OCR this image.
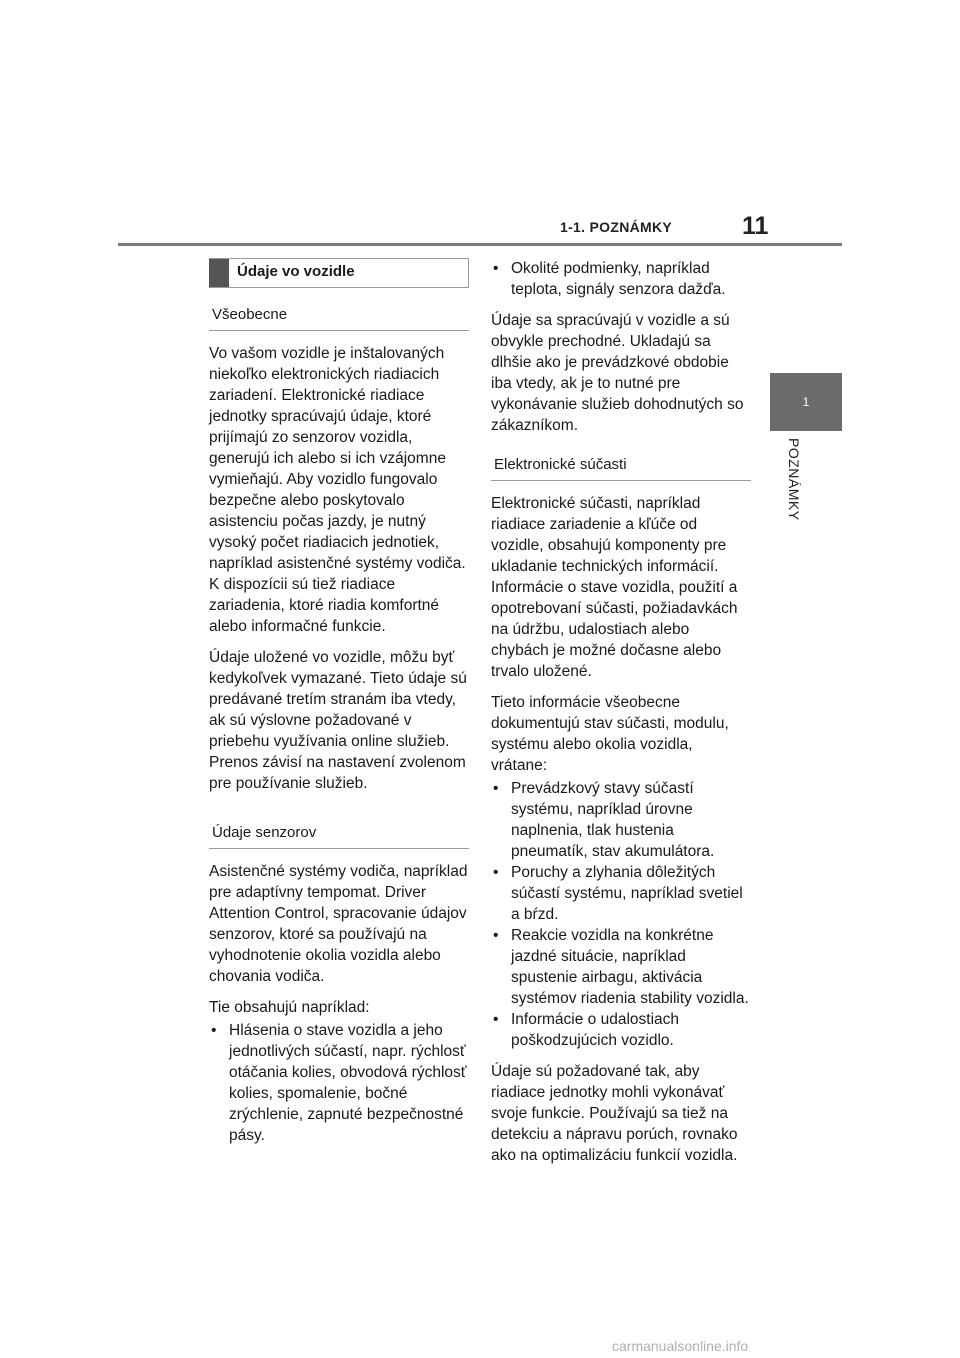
1-1. POZNÁMKY	11
1
POZNÁMKY
Údaje vo vozidle
Všeobecne

Vo vašom vozidle je inštalovaných niekoľko elektronických riadiacich zariadení. Elektronické riadiace jednotky spracúvajú údaje, ktoré prijímajú zo senzorov vozidla, generujú ich alebo si ich vzájomne vymieňajú. Aby vozidlo fungovalo bezpečne alebo poskytovalo asistenciu počas jazdy, je nutný vysoký počet riadiacich jednotiek, napríklad asistenčné systémy vodiča. K dispozícii sú tiež riadiace zariadenia, ktoré riadia komfortné alebo informačné funkcie.

Údaje uložené vo vozidle, môžu byť kedykoľvek vymazané. Tieto údaje sú predávané tretím stranám iba vtedy, ak sú výslovne požadované v priebehu využívania online služieb. Prenos závisí na nastavení zvolenom pre používanie služieb.

Údaje senzorov

Asistenčné systémy vodiča, napríklad pre adaptívny tempomat. Driver Attention Control, spracovanie údajov senzorov, ktoré sa používajú na vyhodnotenie okolia vozidla alebo chovania vodiča.

Tie obsahujú napríklad:

• Hlásenia o stave vozidla a jeho jednotlivých súčastí, napr. rýchlosť otáčania kolies, obvodová rýchlosť kolies, spomalenie, bočné zrýchlenie, zapnuté bezpečnostné pásy.
• Okolité podmienky, napríklad teplota, signály senzora dažďa.

Údaje sa spracúvajú v vozidle a sú obvykle prechodné. Ukladajú sa dlhšie ako je prevádzkové obdobie iba vtedy, ak je to nutné pre vykonávanie služieb dohodnutých so zákazníkom.

Elektronické súčasti

Elektronické súčasti, napríklad riadiace zariadenie a kľúče od vozidle, obsahujú komponenty pre ukladanie technických informácií. Informácie o stave vozidla, použití a opotrebovaní súčasti, požiadavkách na údržbu, udalostiach alebo chybách je možné dočasne alebo trvalo uložené.

Tieto informácie všeobecne dokumentujú stav súčasti, modulu, systému alebo okolia vozidla, vrátane:

• Prevádzkový stavy súčastí systému, napríklad úrovne naplnenia, tlak hustenia pneumatík, stav akumulátora.
• Poruchy a zlyhania dôležitých súčastí systému, napríklad svetiel a bŕzd.
• Reakcie vozidla na konkrétne jazdné situácie, napríklad spustenie airbagu, aktivácia systémov riadenia stability vozidla.
• Informácie o udalostiach poškodzujúcich vozidlo.

Údaje sú požadované tak, aby riadiace jednotky mohli vykonávať svoje funkcie. Používajú sa tiež na detekciu a nápravu porúch, rovnako ako na optimalizáciu funkcií vozidla.

carmanualsonline.info
